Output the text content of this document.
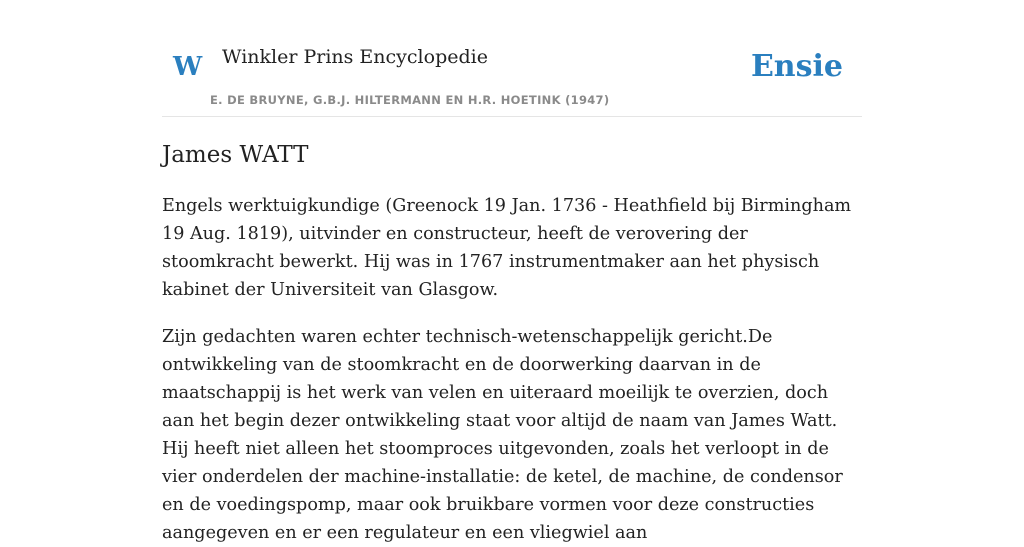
W Winkler Prins Encyclopedie
E. DE BRUYNE, G.B.J. HILTERMANN EN H.R. HOETINK (1947)
Ensie
James WATT

Engels werktuigkundige (Greenock 19 Jan. 1736 - Heathfield bij Birmingham 19 Aug. 1819), uitvinder en constructeur, heeft de verovering der stoomkracht bewerkt. Hij was in 1767 instrumentmaker aan het physisch kabinet der Universiteit van Glasgow.

Zijn gedachten waren echter technisch-wetenschappelijk gericht.De ontwikkeling van de stoomkracht en de doorwerking daarvan in de maatschappij is het werk van velen en uiteraard moeilijk te overzien, doch aan het begin dezer ontwikkeling staat voor altijd de naam van James Watt. Hij heeft niet alleen het stoomproces uitgevonden, zoals het verloopt in de vier onderdelen der machine-installatie: de ketel, de machine, de condensor en de voedingspomp, maar ook bruikbare vormen voor deze constructies aangegeven en er een regulateur en een vliegwiel aan
